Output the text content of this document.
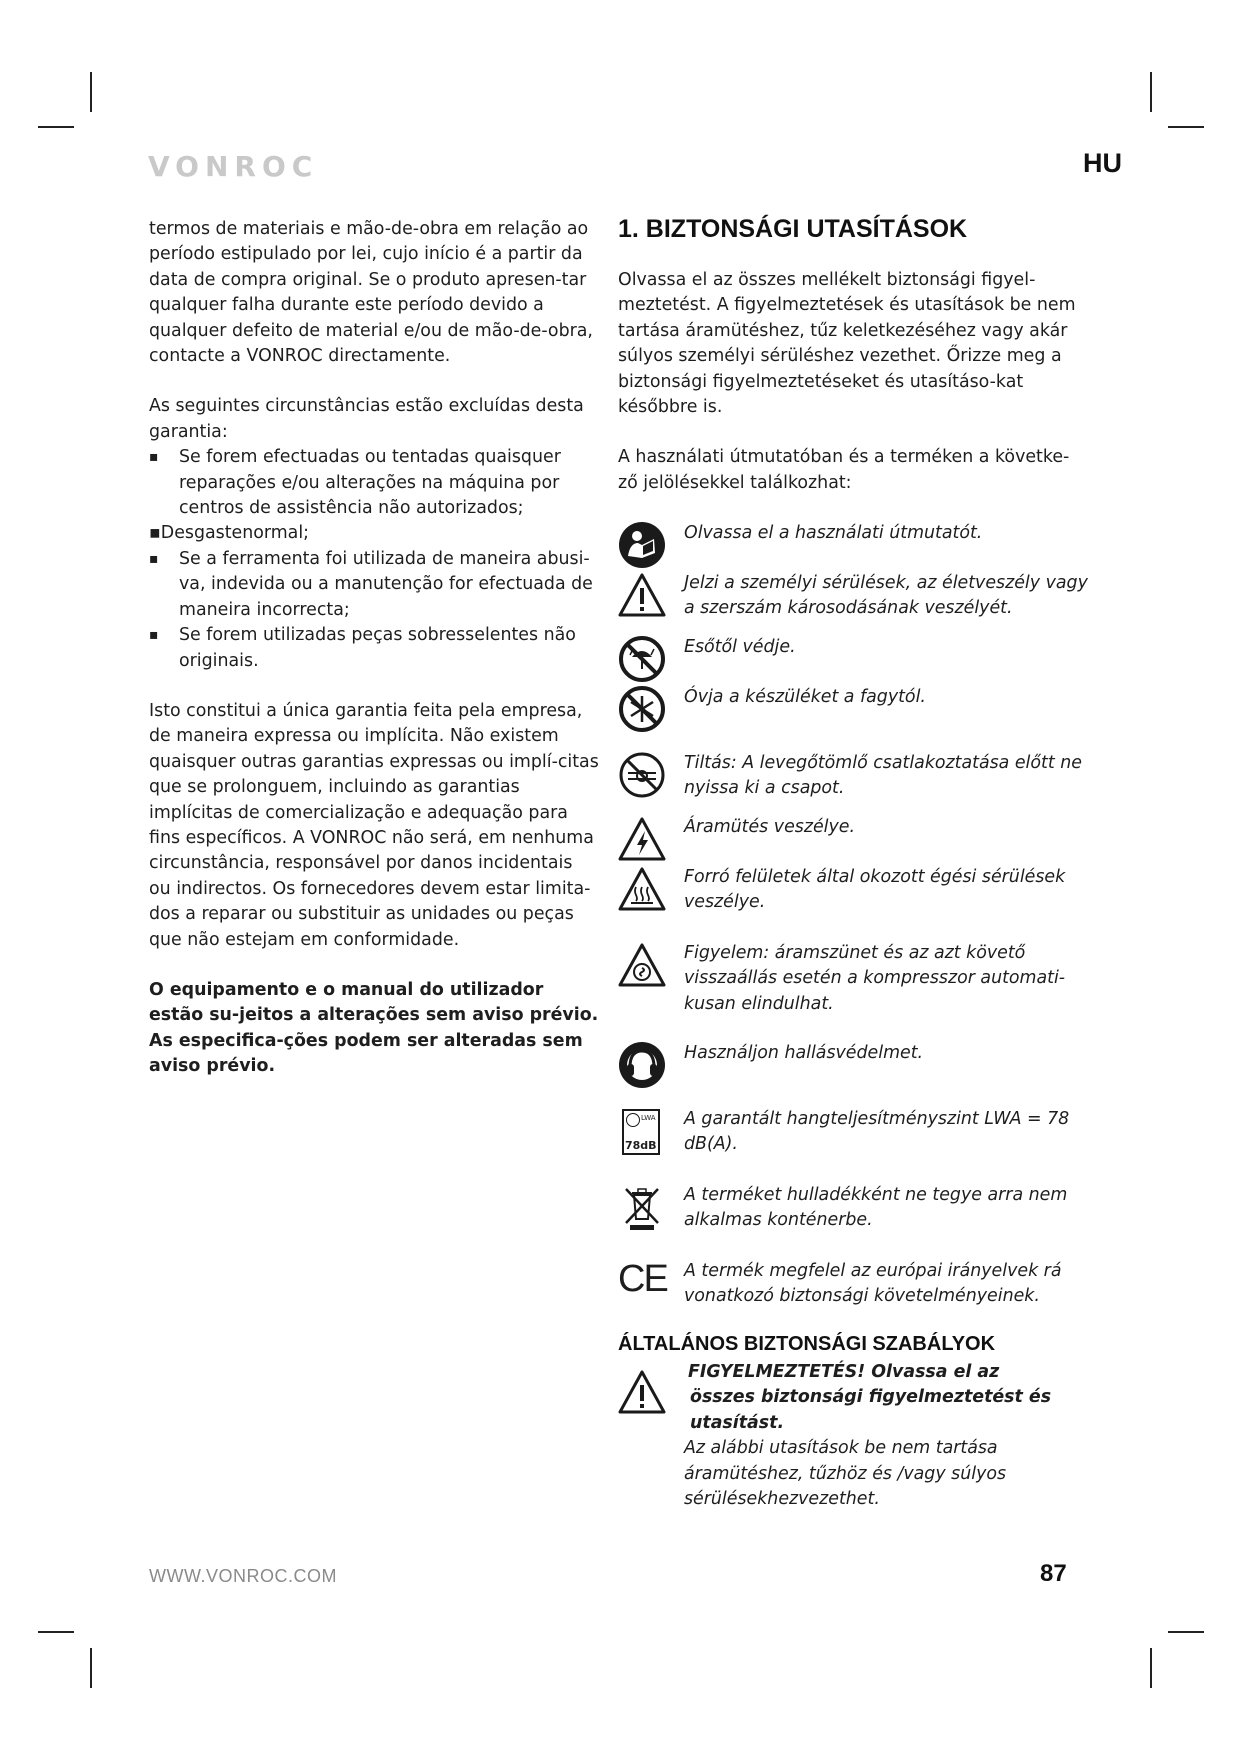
VONROC	HU

termos de materiais e mão-de-obra em relação ao período estipulado por lei, cujo início é a partir da data de compra original. Se o produto apresen-tar qualquer falha durante este período devido a qualquer defeito de material e/ou de mão-de-obra, contacte a VONROC directamente.

As seguintes circunstâncias estão excluídas desta garantia:

▪ Se forem efectuadas ou tentadas quaisquer reparações e/ou alterações na máquina por centros de assistência não autorizados;

▪Desgastenormal;

▪ Se a ferramenta foi utilizada de maneira abusi-va, indevida ou a manutenção for efectuada de maneira incorrecta;

▪ Se forem utilizadas peças sobresselentes não originais.

Isto constitui a única garantia feita pela empresa, de maneira expressa ou implícita. Não existem quaisquer outras garantias expressas ou implí-citas que se prolonguem, incluindo as garantias implícitas de comercialização e adequação para fins específicos. A VONROC não será, em nenhuma circunstância, responsável por danos incidentais ou indirectos. Os fornecedores devem estar limita-dos a reparar ou substituir as unidades ou peças que não estejam em conformidade.

O equipamento e o manual do utilizador estão su-jeitos a alterações sem aviso prévio. As especifica-ções podem ser alteradas sem aviso prévio.

1. BIZTONSÁGI UTASÍTÁSOK

Olvassa el az összes mellékelt biztonsági figyel-meztetést. A figyelmeztetések és utasítások be nem tartása áramütéshez, tűz keletkezéséhez vagy akár súlyos személyi sérüléshez vezethet. Őrizze meg a biztonsági figyelmeztetéseket és utasításo-kat későbbre is.

A használati útmutatóban és a terméken a követke-ző jelölésekkel találkozhat:

Olvassa el a használati útmutatót.
Jelzi a személyi sérülések, az életveszély vagy a szerszám károsodásának veszélyét.
Esőtől védje.
Óvja a készüléket a fagytól.
Tiltás: A levegőtömlő csatlakoztatása előtt ne nyissa ki a csapot.
Áramütés veszélye.
Forró felületek által okozott égési sérülések veszélye.
Figyelem: áramszünet és az azt követő visszaállás esetén a kompresszor automati-kusan elindulhat.
Használjon hallásvédelmet.
LWA
78dB
A garantált hangteljesítményszint LWA = 78 dB(A).
A terméket hulladékként ne tegye arra nem alkalmas konténerbe.
CE A termék megfelel az európai irányelvek rá vonatkozó biztonsági követelményeinek.
ÁLTALÁNOS BIZTONSÁGI SZABÁLYOK
FIGYELMEZTETÉS! Olvassa el az összes biztonsági figyelmeztetést és utasítást.
Az alábbi utasítások be nem tartása áramütéshez, tűzhöz és /vagy súlyos sérülésekhezvezethet.
WWW.VONROC.COM	87
